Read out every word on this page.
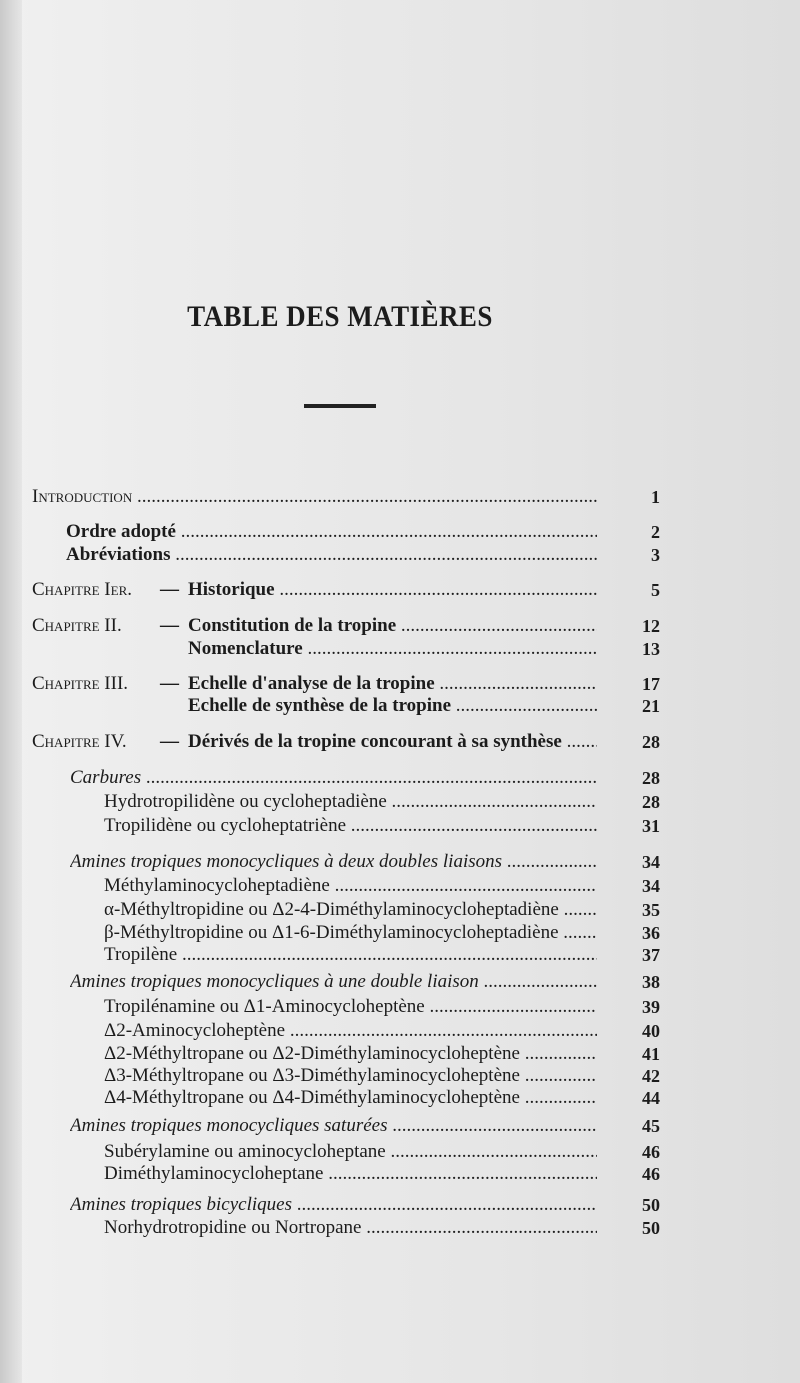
TABLE DES MATIÈRES
Introduction .....	1
Ordre adopté .....	2
Abréviations .....	3
Chapitre Ier. — Historique .....	5
Chapitre II. — Constitution de la tropine .....	12
Nomenclature .....	13
Chapitre III. — Echelle d'analyse de la tropine .....	17
Echelle de synthèse de la tropine .....	21
Chapitre IV. — Dérivés de la tropine concourant à sa synthèse .....	28
Carbures .....	28
Hydrotropilidène ou cycloheptadiène .....	28
Tropilidène ou cycloheptatriène .....	31
Amines tropiques monocycliques à deux doubles liaisons .....	34
Méthylaminocycloheptadiène .....	34
α-Méthyltropidine ou Δ2-4-Diméthylaminocycloheptadiène .....	35
β-Méthyltropidine ou Δ1-6-Diméthylaminocycloheptadiène .....	36
Tropilène .....	37
Amines tropiques monocycliques à une double liaison .....	38
Tropilénamine ou Δ1-Aminocycloheptène .....	39
Δ2-Aminocycloheptène .....	40
Δ2-Méthyltropane ou Δ2-Diméthylaminocycloheptène .....	41
Δ3-Méthyltropane ou Δ3-Diméthylaminocycloheptène .....	42
Δ4-Méthyltropane ou Δ4-Diméthylaminocycloheptène .....	44
Amines tropiques monocycliques saturées .....	45
Subérylamine ou aminocycloheptane .....	46
Diméthylaminocycloheptane .....	46
Amines tropiques bicycliques .....	50
Norhydrotropidine ou Nortropane .....	50
